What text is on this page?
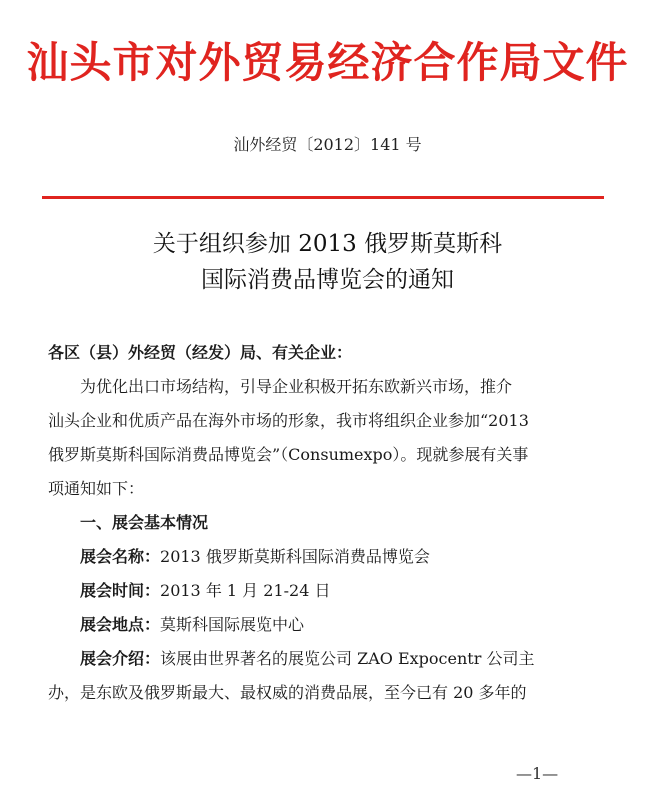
汕头市对外贸易经济合作局文件
汕外经贸〔2012〕141 号
关于组织参加 2013 俄罗斯莫斯科
国际消费品博览会的通知
各区（县）外经贸（经发）局、有关企业：
为优化出口市场结构，引导企业积极开拓东欧新兴市场，推介
汕头企业和优质产品在海外市场的形象，我市将组织企业参加“2013
俄罗斯莫斯科国际消费品博览会”（Consumexpo）。现就参展有关事
项通知如下：
一、展会基本情况
展会名称：2013 俄罗斯莫斯科国际消费品博览会
展会时间：2013 年 1 月 21-24 日
展会地点：莫斯科国际展览中心
展会介绍：该展由世界著名的展览公司 ZAO Expocentr 公司主
办，是东欧及俄罗斯最大、最权威的消费品展，至今已有 20 多年的
—1—
